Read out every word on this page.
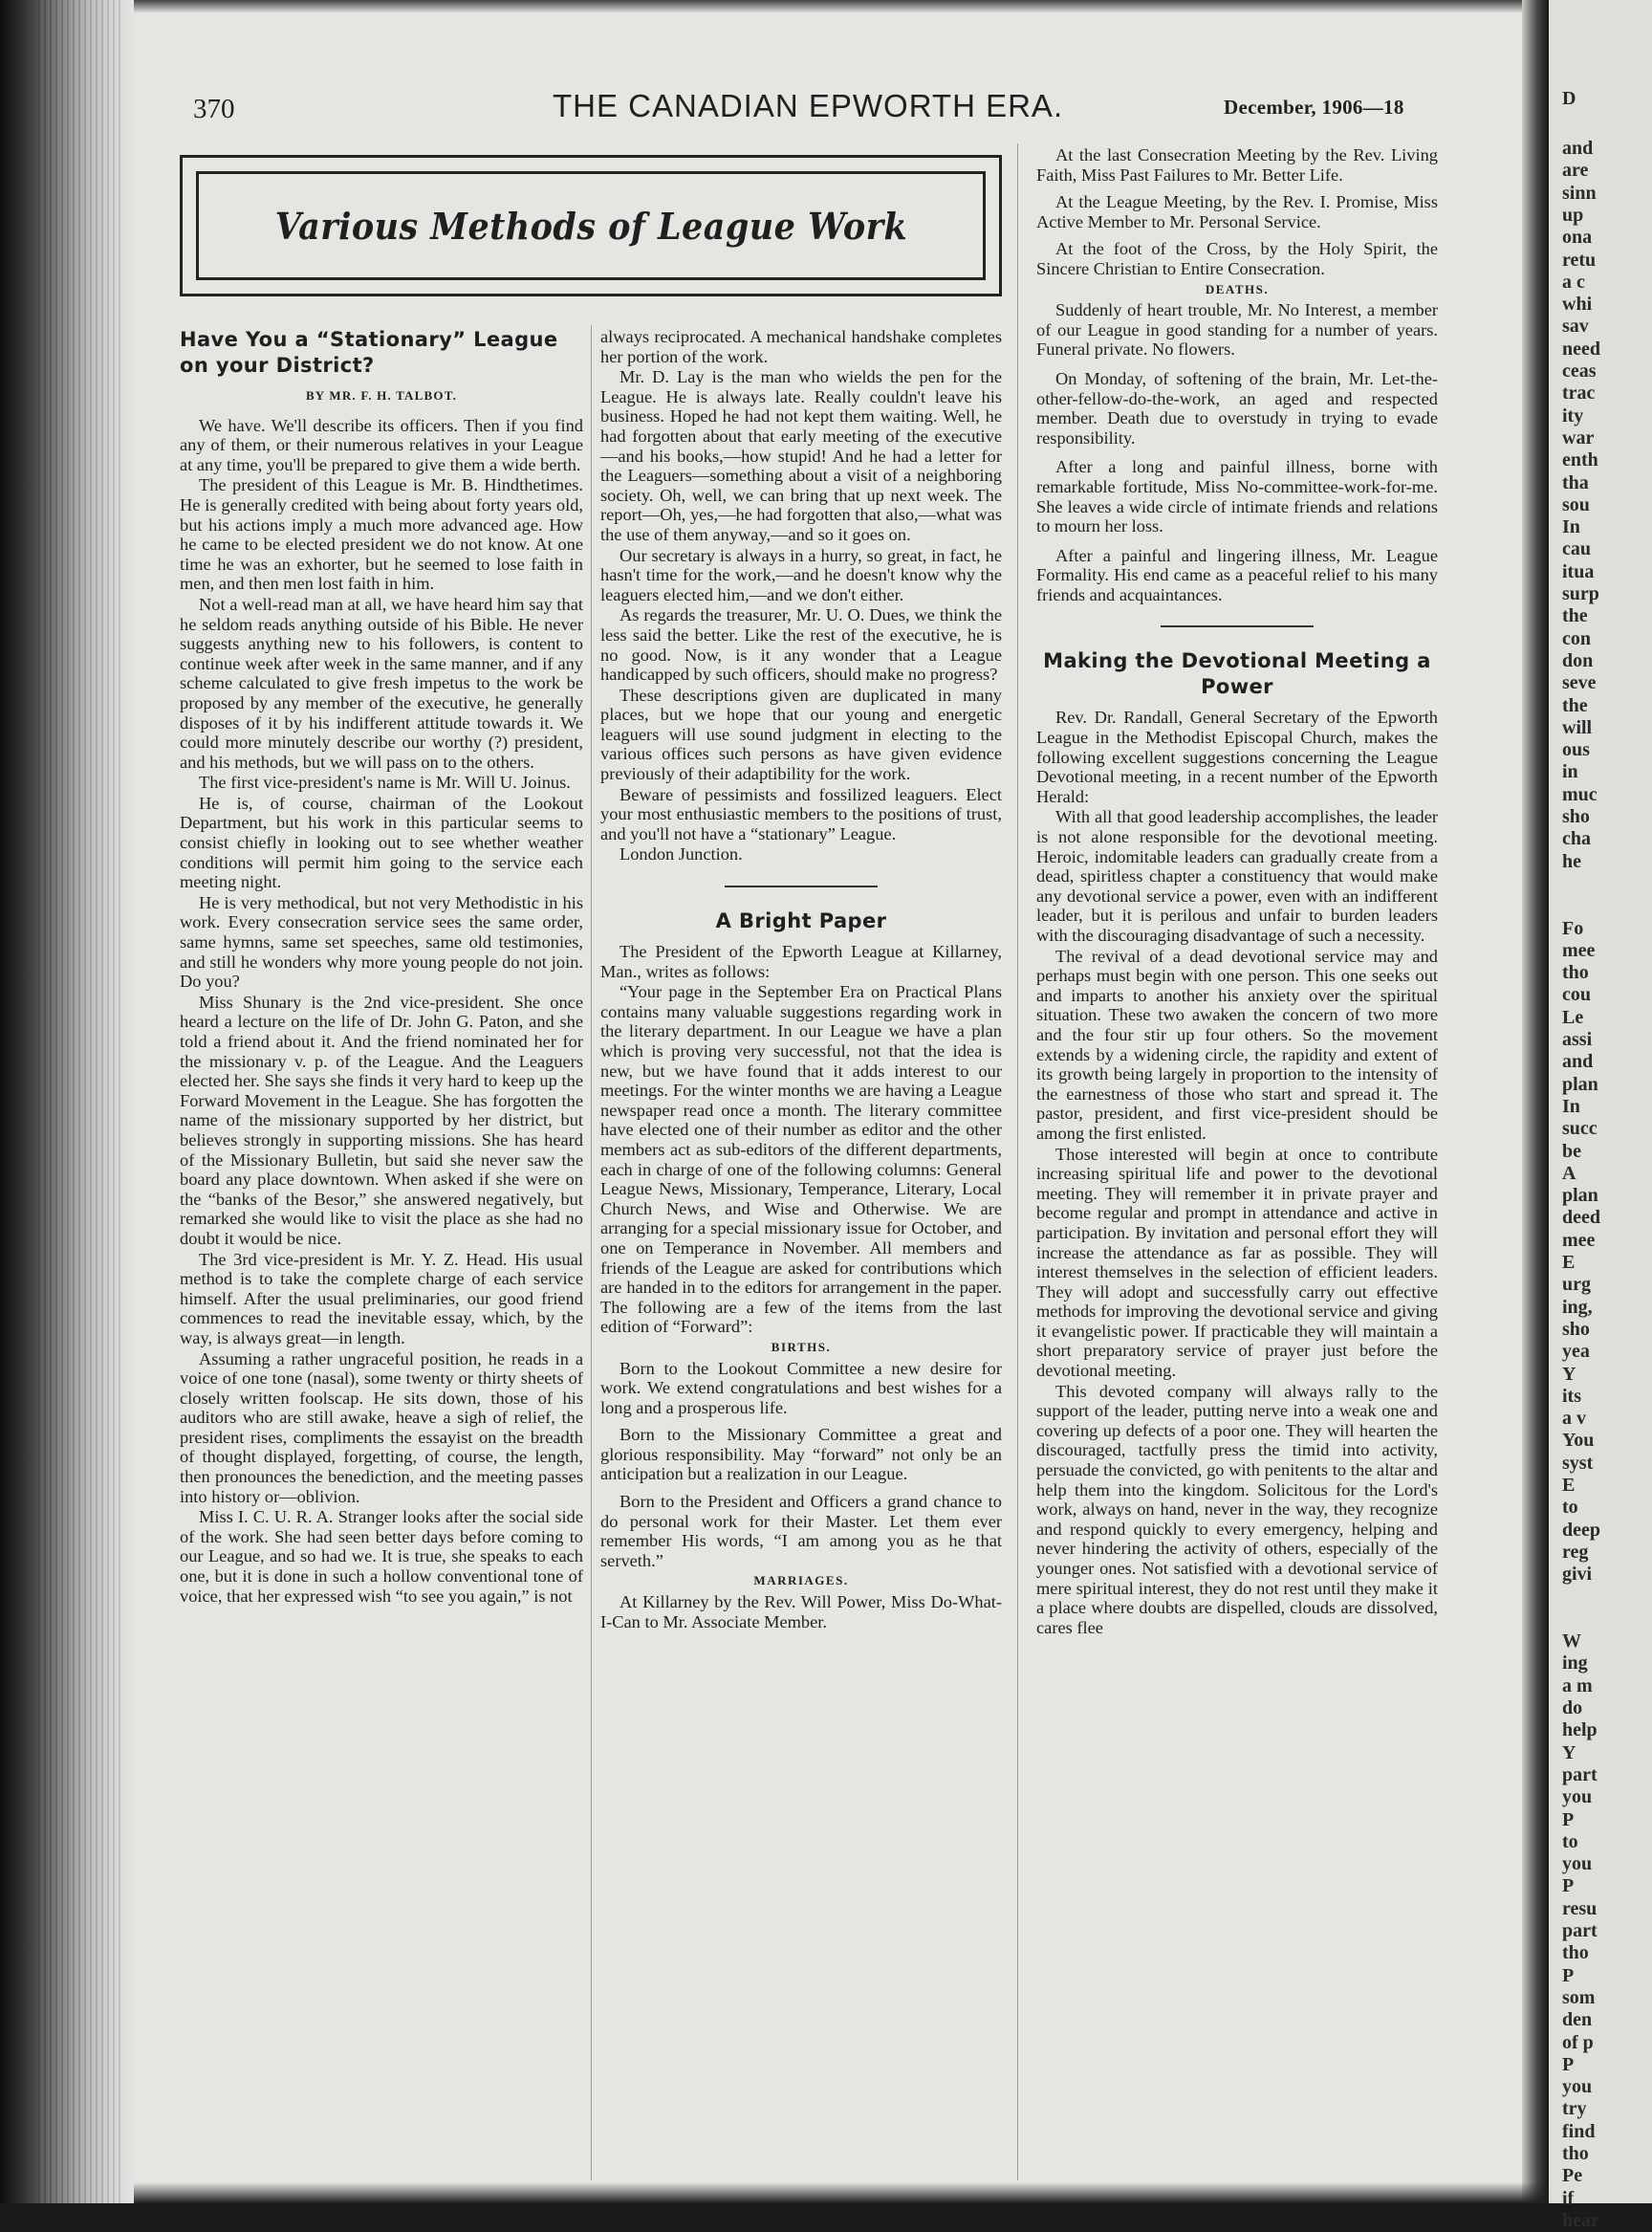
370	THE CANADIAN EPWORTH ERA.	December, 1906—18
Various Methods of League Work
Have You a “Stationary” League on your District?
BY MR. F. H. TALBOT.

We have. We'll describe its officers. Then if you find any of them, or their numerous relatives in your League at any time, you'll be prepared to give them a wide berth.

The president of this League is Mr. B. Hindthetimes. He is generally credited with being about forty years old, but his actions imply a much more advanced age. How he came to be elected president we do not know. At one time he was an exhorter, but he seemed to lose faith in men, and then men lost faith in him.

Not a well-read man at all, we have heard him say that he seldom reads anything outside of his Bible. He never suggests anything new to his followers, is content to continue week after week in the same manner, and if any scheme calculated to give fresh impetus to the work be proposed by any member of the executive, he generally disposes of it by his indifferent attitude towards it. We could more minutely describe our worthy (?) president, and his methods, but we will pass on to the others.

The first vice-president's name is Mr. Will U. Joinus.

He is, of course, chairman of the Lookout Department, but his work in this particular seems to consist chiefly in looking out to see whether weather conditions will permit him going to the service each meeting night.

He is very methodical, but not very Methodistic in his work. Every consecration service sees the same order, same hymns, same set speeches, same old testimonies, and still he wonders why more young people do not join. Do you?

Miss Shunary is the 2nd vice-president. She once heard a lecture on the life of Dr. John G. Paton, and she told a friend about it. And the friend nominated her for the missionary v. p. of the League. And the Leaguers elected her. She says she finds it very hard to keep up the Forward Movement in the League. She has forgotten the name of the missionary supported by her district, but believes strongly in supporting missions. She has heard of the Missionary Bulletin, but said she never saw the board any place downtown. When asked if she were on the “banks of the Besor,” she answered negatively, but remarked she would like to visit the place as she had no doubt it would be nice.

The 3rd vice-president is Mr. Y. Z. Head. His usual method is to take the complete charge of each service himself. After the usual preliminaries, our good friend commences to read the inevitable essay, which, by the way, is always great—in length.

Assuming a rather ungraceful position, he reads in a voice of one tone (nasal), some twenty or thirty sheets of closely written foolscap. He sits down, those of his auditors who are still awake, heave a sigh of relief, the president rises, compliments the essayist on the breadth of thought displayed, forgetting, of course, the length, then pronounces the benediction, and the meeting passes into history or—oblivion.

Miss I. C. U. R. A. Stranger looks after the social side of the work. She had seen better days before coming to our League, and so had we. It is true, she speaks to each one, but it is done in such a hollow conventional tone of voice, that her expressed wish “to see you again,” is not

always reciprocated. A mechanical handshake completes her portion of the work.

Mr. D. Lay is the man who wields the pen for the League. He is always late. Really couldn't leave his business. Hoped he had not kept them waiting. Well, he had forgotten about that early meeting of the executive—and his books,—how stupid! And he had a letter for the Leaguers—something about a visit of a neighboring society. Oh, well, we can bring that up next week. The report—Oh, yes,—he had forgotten that also,—what was the use of them anyway,—and so it goes on.

Our secretary is always in a hurry, so great, in fact, he hasn't time for the work,—and he doesn't know why the leaguers elected him,—and we don't either.

As regards the treasurer, Mr. U. O. Dues, we think the less said the better. Like the rest of the executive, he is no good. Now, is it any wonder that a League handicapped by such officers, should make no progress?

These descriptions given are duplicated in many places, but we hope that our young and energetic leaguers will use sound judgment in electing to the various offices such persons as have given evidence previously of their adaptibility for the work.

Beware of pessimists and fossilized leaguers. Elect your most enthusiastic members to the positions of trust, and you'll not have a “stationary” League.

London Junction.

A Bright Paper

The President of the Epworth League at Killarney, Man., writes as follows:

“Your page in the September Era on Practical Plans contains many valuable suggestions regarding work in the literary department. In our League we have a plan which is proving very successful, not that the idea is new, but we have found that it adds interest to our meetings. For the winter months we are having a League newspaper read once a month. The literary committee have elected one of their number as editor and the other members act as sub-editors of the different departments, each in charge of one of the following columns: General League News, Missionary, Temperance, Literary, Local Church News, and Wise and Otherwise. We are arranging for a special missionary issue for October, and one on Temperance in November. All members and friends of the League are asked for contributions which are handed in to the editors for arrangement in the paper. The following are a few of the items from the last edition of “Forward”:

BIRTHS.

Born to the Lookout Committee a new desire for work. We extend congratulations and best wishes for a long and a prosperous life.

Born to the Missionary Committee a great and glorious responsibility. May “forward” not only be an anticipation but a realization in our League.

Born to the President and Officers a grand chance to do personal work for their Master. Let them ever remember His words, “I am among you as he that serveth.”

MARRIAGES.

At Killarney by the Rev. Will Power, Miss Do-What-I-Can to Mr. Associate Member.

At the last Consecration Meeting by the Rev. Living Faith, Miss Past Failures to Mr. Better Life.

At the League Meeting, by the Rev. I. Promise, Miss Active Member to Mr. Personal Service.

At the foot of the Cross, by the Holy Spirit, the Sincere Christian to Entire Consecration.

DEATHS.

Suddenly of heart trouble, Mr. No Interest, a member of our League in good standing for a number of years. Funeral private. No flowers.

On Monday, of softening of the brain, Mr. Let-the-other-fellow-do-the-work, an aged and respected member. Death due to overstudy in trying to evade responsibility.

After a long and painful illness, borne with remarkable fortitude, Miss No-committee-work-for-me. She leaves a wide circle of intimate friends and relations to mourn her loss.

After a painful and lingering illness, Mr. League Formality. His end came as a peaceful relief to his many friends and acquaintances.

Making the Devotional Meeting a Power

Rev. Dr. Randall, General Secretary of the Epworth League in the Methodist Episcopal Church, makes the following excellent suggestions concerning the League Devotional meeting, in a recent number of the Epworth Herald:

With all that good leadership accomplishes, the leader is not alone responsible for the devotional meeting. Heroic, indomitable leaders can gradually create from a dead, spiritless chapter a constituency that would make any devotional service a power, even with an indifferent leader, but it is perilous and unfair to burden leaders with the discouraging disadvantage of such a necessity.

The revival of a dead devotional service may and perhaps must begin with one person. This one seeks out and imparts to another his anxiety over the spiritual situation. These two awaken the concern of two more and the four stir up four others. So the movement extends by a widening circle, the rapidity and extent of its growth being largely in proportion to the intensity of the earnestness of those who start and spread it. The pastor, president, and first vice-president should be among the first enlisted.

Those interested will begin at once to contribute increasing spiritual life and power to the devotional meeting. They will remember it in private prayer and become regular and prompt in attendance and active in participation. By invitation and personal effort they will increase the attendance as far as possible. They will interest themselves in the selection of efficient leaders. They will adopt and successfully carry out effective methods for improving the devotional service and giving it evangelistic power. If practicable they will maintain a short preparatory service of prayer just before the devotional meeting.

This devoted company will always rally to the support of the leader, putting nerve into a weak one and covering up defects of a poor one. They will hearten the discouraged, tactfully press the timid into activity, persuade the convicted, go with penitents to the altar and help them into the kingdom. Solicitous for the Lord's work, always on hand, never in the way, they recognize and respond quickly to every emergency, helping and never hindering the activity of others, especially of the younger ones. Not satisfied with a devotional service of mere spiritual interest, they do not rest until they make it a place where doubts are dispelled, clouds are dissolved, cares flee

D
and
are
sinn
up
ona
retu
a c
whi
sav
need
ceas
trac
ity
war
enth
tha
sou
In
cau
itua
surp
the
con
don
seve
the
will
ous
in
muc
sho
cha
he
Fo
mee
tho
cou
Le
assi
and
plan
In
succ
be
A
plan
deed
mee
E
urg
ing,
sho
yea
Y
its
a v
You
syst
E
to
deep
reg
givi
W
ing
a m
do
help
Y
part
you
P
to
you
P
resu
part
tho
P
som
den
of p
P
you
try
find
tho
Pe
if
hear
